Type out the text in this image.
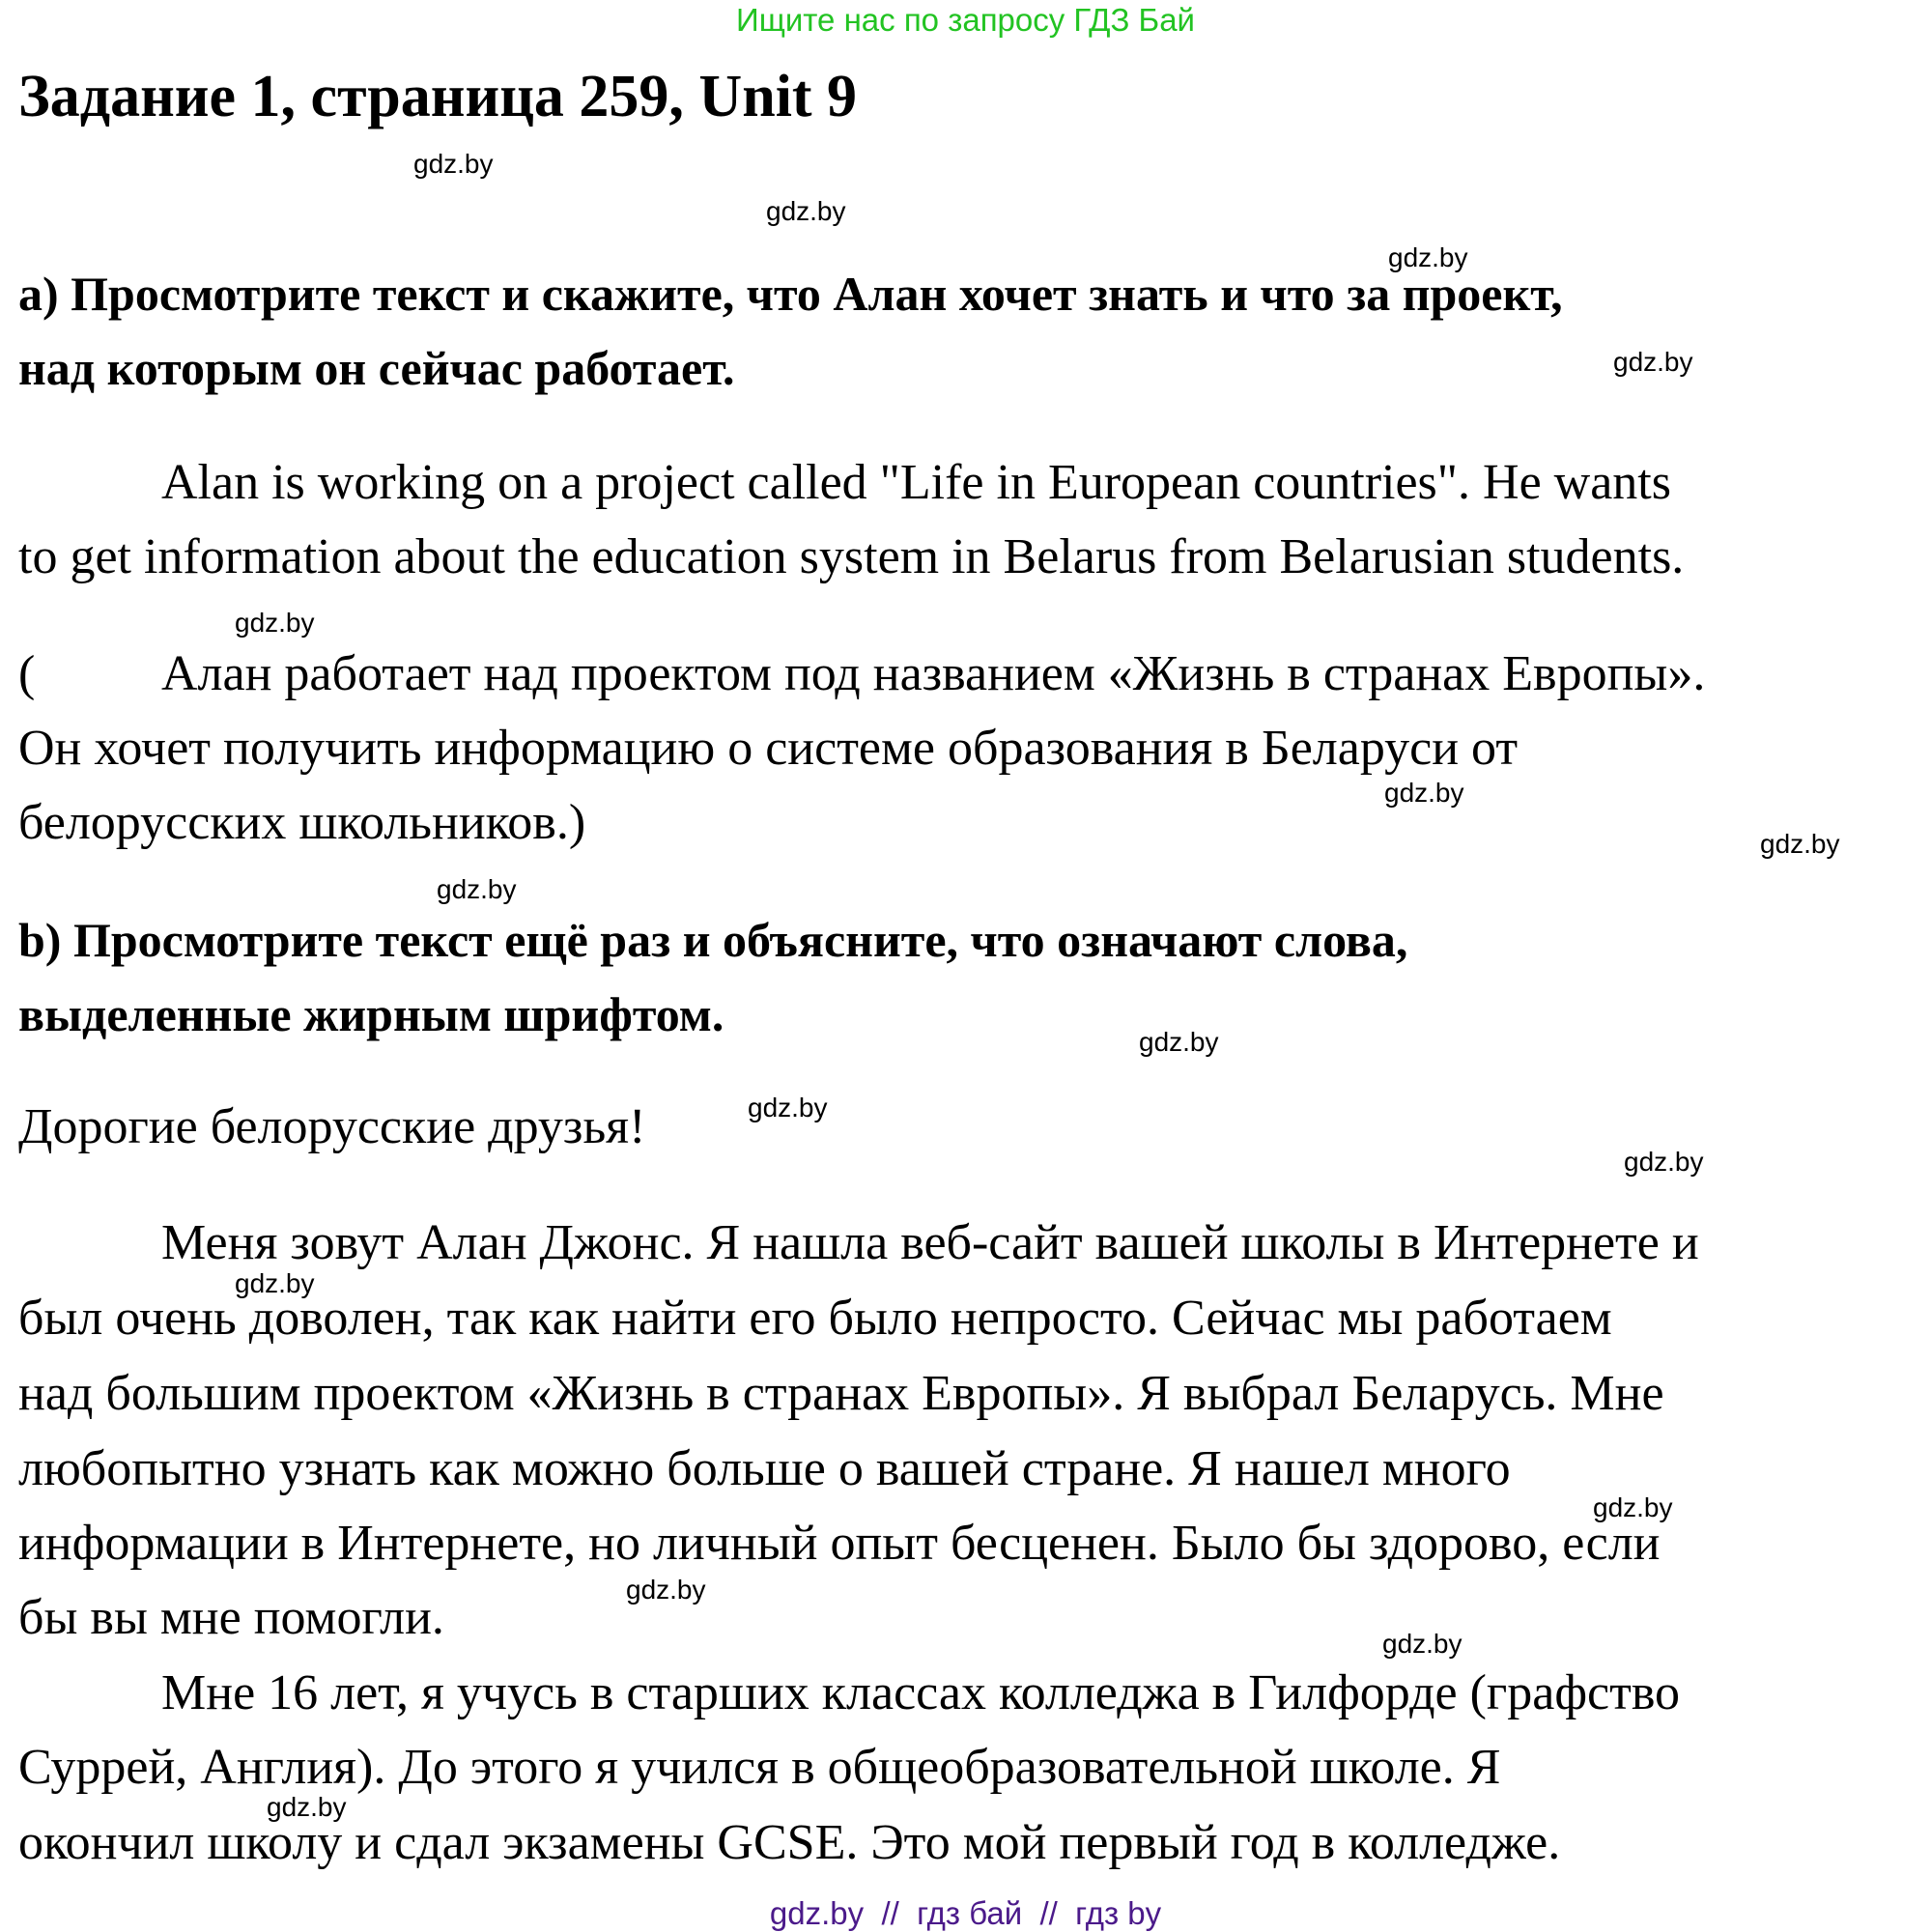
Ищите нас по запросу ГДЗ Бай
Задание 1, страница 259, Unit 9
a) Просмотрите текст и скажите, что Алан хочет знать и что за проект,
над которым он сейчас работает.
Alan is working on a project called "Life in European countries". He wants
to get information about the education system in Belarus from Belarusian students.
(	Алан работает над проектом под названием «Жизнь в странах Европы».
Он хочет получить информацию о системе образования в Беларуси от
белорусских школьников.)
b) Просмотрите текст ещё раз и объясните, что означают слова,
выделенные жирным шрифтом.
Дорогие белорусские друзья!
Меня зовут Алан Джонс. Я нашла веб-сайт вашей школы в Интернете и
был очень доволен, так как найти его было непросто. Сейчас мы работаем
над большим проектом «Жизнь в странах Европы». Я выбрал Беларусь. Мне
любопытно узнать как можно больше о вашей стране. Я нашел много
информации в Интернете, но личный опыт бесценен. Было бы здорово, если
бы вы мне помогли.
Мне 16 лет, я учусь в старших классах колледжа в Гилфорде (графство
Суррей, Англия). До этого я учился в общеобразовательной школе. Я
окончил школу и сдал экзамены GCSE. Это мой первый год в колледже.
gdz.by
gdz.by
gdz.by
gdz.by
gdz.by
gdz.by
gdz.by
gdz.by
gdz.by
gdz.by
gdz.by
gdz.by
gdz.by
gdz.by
gdz.by
gdz.by
gdz.by  //  гдз бай  //  гдз by
